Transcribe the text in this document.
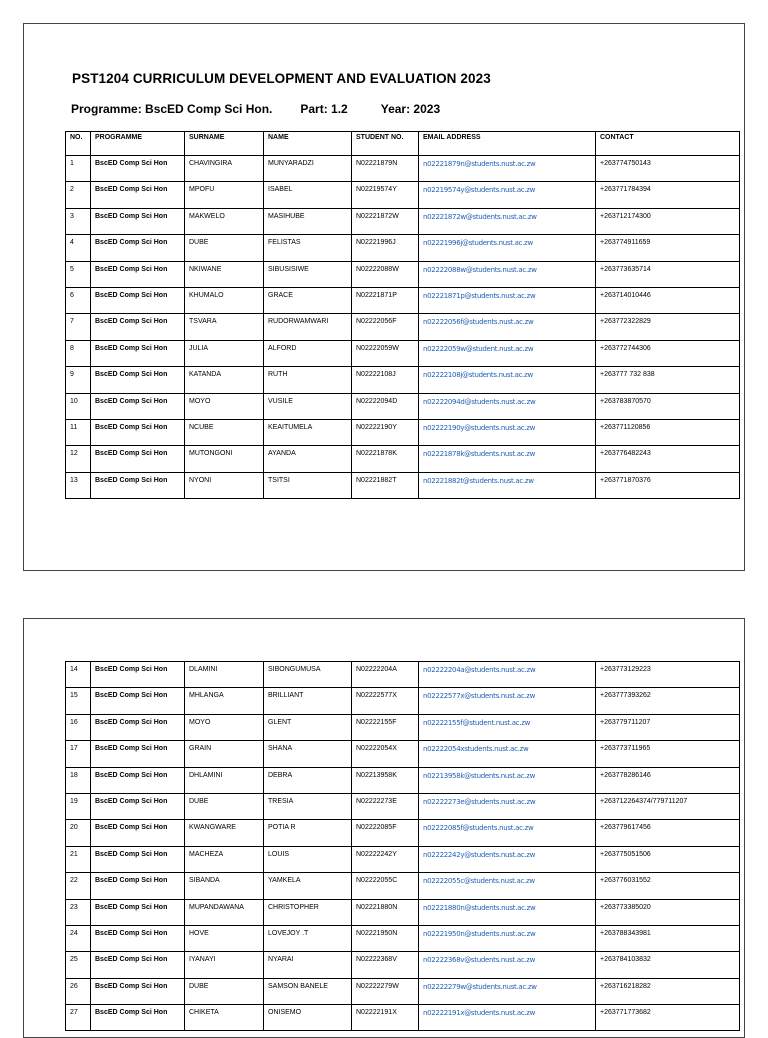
PST1204 CURRICULUM DEVELOPMENT AND EVALUATION 2023
Programme: BscED Comp Sci Hon. Part: 1.2	Year: 2023
NO.	PROGRAMME	SURNAME	NAME	STUDENT NO.	EMAIL ADDRESS	CONTACT
1	BscED Comp Sci Hon	CHAVINGIRA	MUNYARADZI	N02221879N	n02221879n@students.nust.ac.zw	+263774750143
2	BscED Comp Sci Hon	MPOFU	ISABEL	N02219574Y	n02219574y@students.nust.ac.zw	+263771784394
3	BscED Comp Sci Hon	MAKWELO	MASIHUBE	N02221872W	n02221872w@students.nust.ac.zw	+263712174300
4	BscED Comp Sci Hon	DUBE	FELISTAS	N02221996J	n02221996j@students.nust.ac.zw	+263774911659
5	BscED Comp Sci Hon	NKIWANE	SIBUSISIWE	N02222088W	n02222088w@students.nust.ac.zw	+263773635714
6	BscED Comp Sci Hon	KHUMALO	GRACE	N02221871P	n02221871p@students.nust.ac.zw	+263714010446
7	BscED Comp Sci Hon	TSVARA	RUDORWAMWARI	N02222056F	n02222056f@students.nust.ac.zw	+263772322829
8	BscED Comp Sci Hon	JULIA	ALFORD	N02222059W	n02222059w@student.nust.ac.zw	+263772744306
9	BscED Comp Sci Hon	KATANDA	RUTH	N02222108J	n02222108j@students.nust.ac.zw	+263777 732 838
10	BscED Comp Sci Hon	MOYO	VUSILE	N02222094D	n02222094d@students.nust.ac.zw	+263783870570
11	BscED Comp Sci Hon	NCUBE	KEAITUMELA	N02222190Y	n02222190y@students.nust.ac.zw	+263771120856
12	BscED Comp Sci Hon	MUTONGONI	AYANDA	N02221878K	n02221878k@students.nust.ac.zw	+263776482243
13	BscED Comp Sci Hon	NYONI	TSITSI	N02221882T	n02221882t@students.nust.ac.zw	+263771870376
14	BscED Comp Sci Hon	DLAMINI	SIBONGUMUSA	N02222204A	n02222204a@students.nust.ac.zw	+263773129223
15	BscED Comp Sci Hon	MHLANGA	BRILLIANT	N02222577X	n02222577x@students.nust.ac.zw	+263777393262
16	BscED Comp Sci Hon	MOYO	GLENT	N02222155F	n02222155f@student.nust.ac.zw	+263779711207
17	BscED Comp Sci Hon	GRAIN	SHANA	N02222054X	n02222054xstudents.nust.ac.zw	+263773711965
18	BscED Comp Sci Hon	DHLAMINI	DEBRA	N02213958K	n02213958k@students.nust.ac.zw	+263778286146
19	BscED Comp Sci Hon	DUBE	TRESIA	N02222273E	n02222273e@students.nust.ac.zw	+263712264374/779711207
20	BscED Comp Sci Hon	KWANGWARE	POTIA R	N02222085F	n02222085f@students.nust.ac.zw	+263779617456
21	BscED Comp Sci Hon	MACHEZA	LOUIS	N02222242Y	n02222242y@students.nust.ac.zw	+263775051506
22	BscED Comp Sci Hon	SIBANDA	YAMKELA	N02222055C	n02222055c@students.nust.ac.zw	+263776031552
23	BscED Comp Sci Hon	MUPANDAWANA	CHRISTOPHER	N02221880N	n02221880n@students.nust.ac.zw	+263773385020
24	BscED Comp Sci Hon	HOVE	LOVEJOY .T	N02221950N	n02221950n@students.nust.ac.zw	+263788343981
25	BscED Comp Sci Hon	IYANAYI	NYARAI	N02222368V	n02222368v@students.nust.ac.zw	+263784103832
26	BscED Comp Sci Hon	DUBE	SAMSON BANELE	N02222279W	n02222279w@students.nust.ac.zw	+263716218282
27	BscED Comp Sci Hon	CHIKETA	ONISEMO	N02222191X	n02222191x@students.nust.ac.zw	+263771773682
